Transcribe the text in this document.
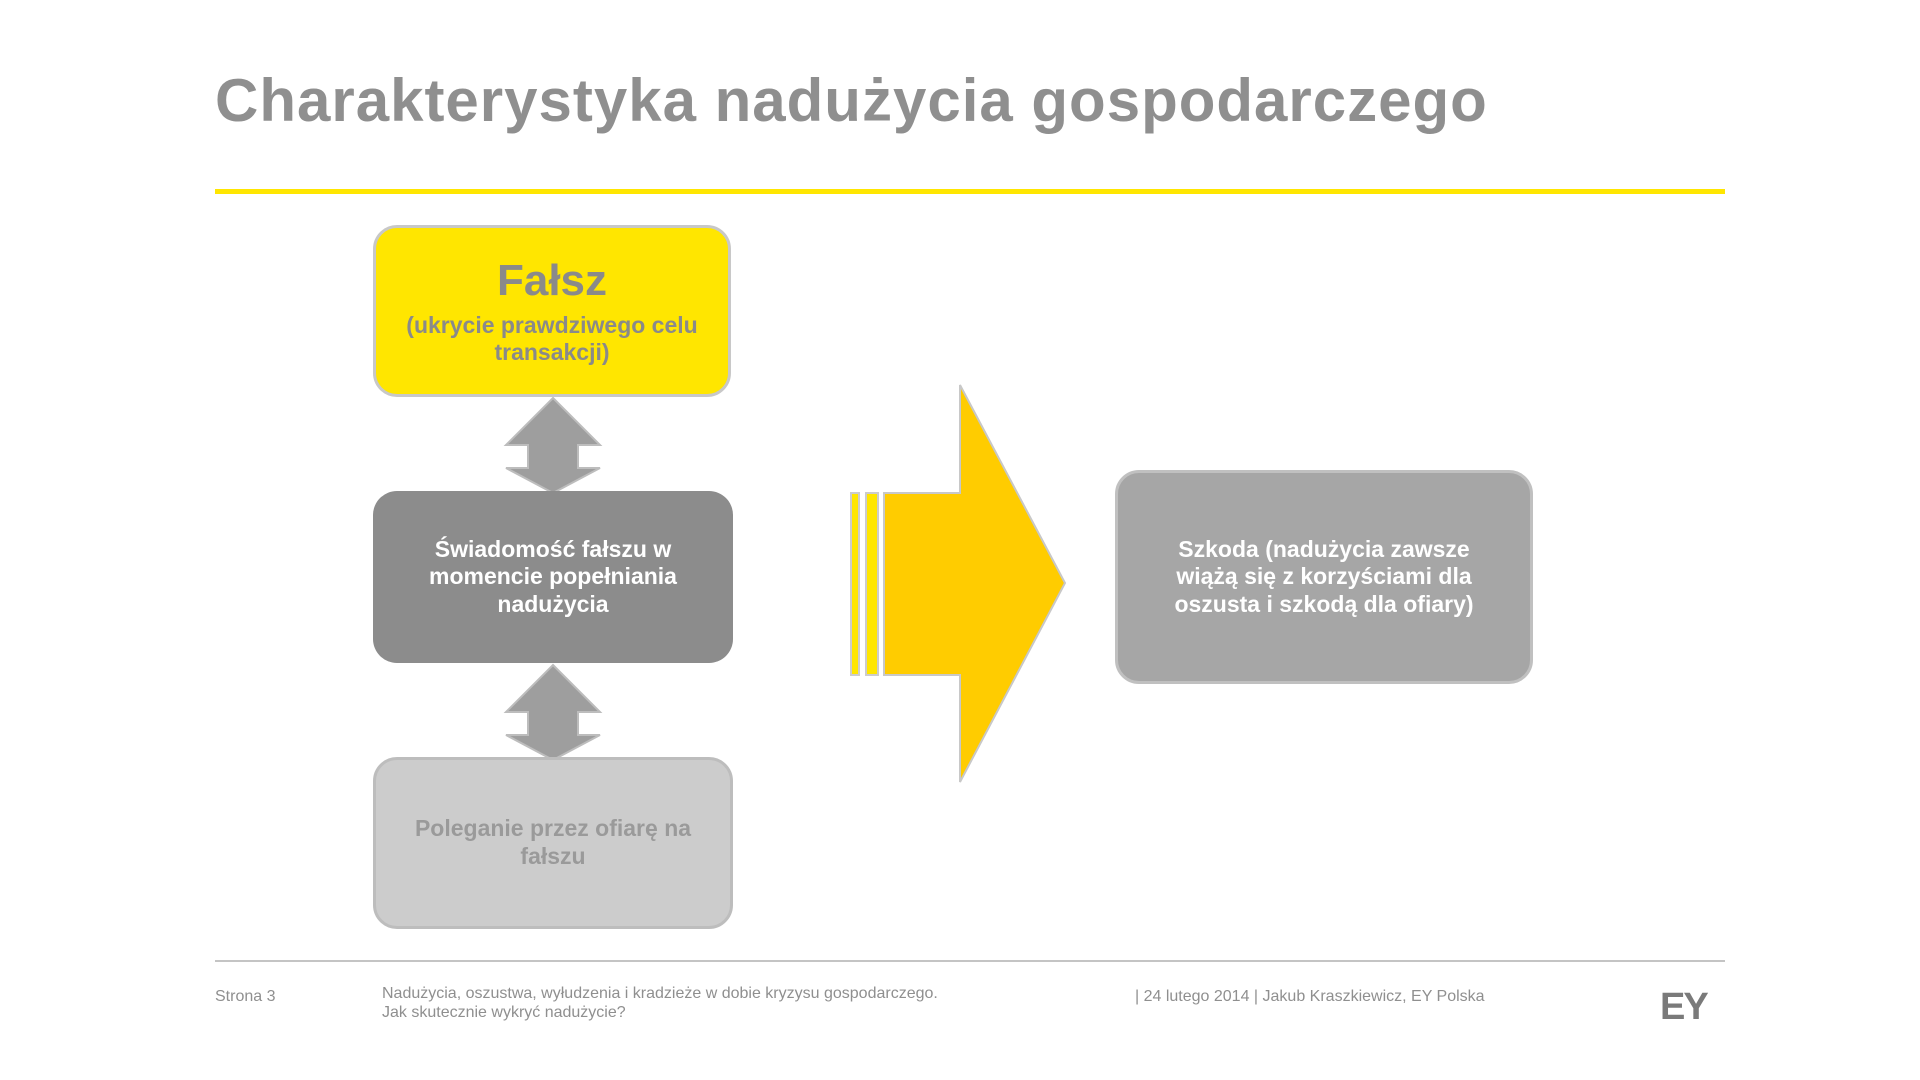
Charakterystyka nadużycia gospodarczego
Fałsz
(ukrycie prawdziwego celu transakcji)
Świadomość fałszu w momencie popełniania nadużycia
Poleganie przez ofiarę na fałszu
Szkoda (nadużycia zawsze wiążą się z korzyściami dla oszusta i szkodą dla ofiary)
Strona 3	Nadużycia, oszustwa, wyłudzenia i kradzieże w dobie kryzysu gospodarczego.
Jak skutecznie wykryć nadużycie?
| 24 lutego 2014 | Jakub Kraszkiewicz, EY Polska	EY
